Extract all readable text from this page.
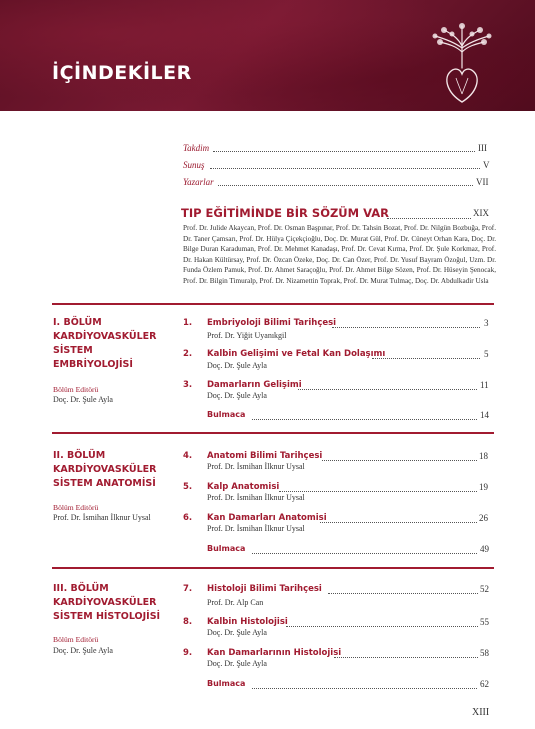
İÇİNDEKİLER
Takdim	III
Sunuş	V
Yazarlar	VII
TIP EĞİTİMİNDE BİR SÖZÜM VAR	XIX
Prof. Dr. Julide Akaycan, Prof. Dr. Osman Başpınar, Prof. Dr. Tahsin Bozat, Prof. Dr. Nilgün Bozbuğa, Prof. Dr. Taner Çamsarı, Prof. Dr. Hülya Çiçekçioğlu, Doç. Dr. Murat Gül, Prof. Dr. Cüneyt Orhan Kara, Doç. Dr. Bilge Duran Karaduman, Prof. Dr. Mehmet Kanadaşı, Prof. Dr. Cevat Kırma, Prof. Dr. Şule Korkmaz, Prof. Dr. Hakan Kültürsay, Prof. Dr. Özcan Özeke, Doç. Dr. Can Özer, Prof. Dr. Yusuf Bayram Özoğul, Uzm. Dr. Funda Özlem Pamuk, Prof. Dr. Ahmet Saraçoğlu, Prof. Dr. Ahmet Bilge Sözen, Prof. Dr. Hüseyin Şenocak, Prof. Dr. Bilgin Timuralp, Prof. Dr. Nizamettin Toprak, Prof. Dr. Murat Tulmaç, Doç. Dr. Abdulkadir Usla
I. BÖLÜM KARDİYOVASKÜLER SİSTEM EMBRİYOLOJİSİ
Bölüm Editörü
Doç. Dr. Şule Ayla
1. Embriyoloji Bilimi Tarihçesi	3
Prof. Dr. Yiğit Uyanıkgil
2. Kalbin Gelişimi ve Fetal Kan Dolaşımı	5
Doç. Dr. Şule Ayla
3. Damarların Gelişimi	11
Doç. Dr. Şule Ayla
Bulmaca	14
II. BÖLÜM KARDİYOVASKÜLER SİSTEM ANATOMİSİ
Bölüm Editörü
Prof. Dr. İsmihan İlknur Uysal
4. Anatomi Bilimi Tarihçesi	18
Prof. Dr. İsmihan İlknur Uysal
5. Kalp Anatomisi	19
Prof. Dr. İsmihan İlknur Uysal
6. Kan Damarları Anatomisi	26
Prof. Dr. İsmihan İlknur Uysal
Bulmaca	49
III. BÖLÜM KARDİYOVASKÜLER SİSTEM HİSTOLOJİSİ
Bölüm Editörü
Doç. Dr. Şule Ayla
7. Histoloji Bilimi Tarihçesi	52
Prof. Dr. Alp Can
8. Kalbin Histolojisi	55
Doç. Dr. Şule Ayla
9. Kan Damarlarının Histolojisi	58
Doç. Dr. Şule Ayla
Bulmaca	62
XIII
